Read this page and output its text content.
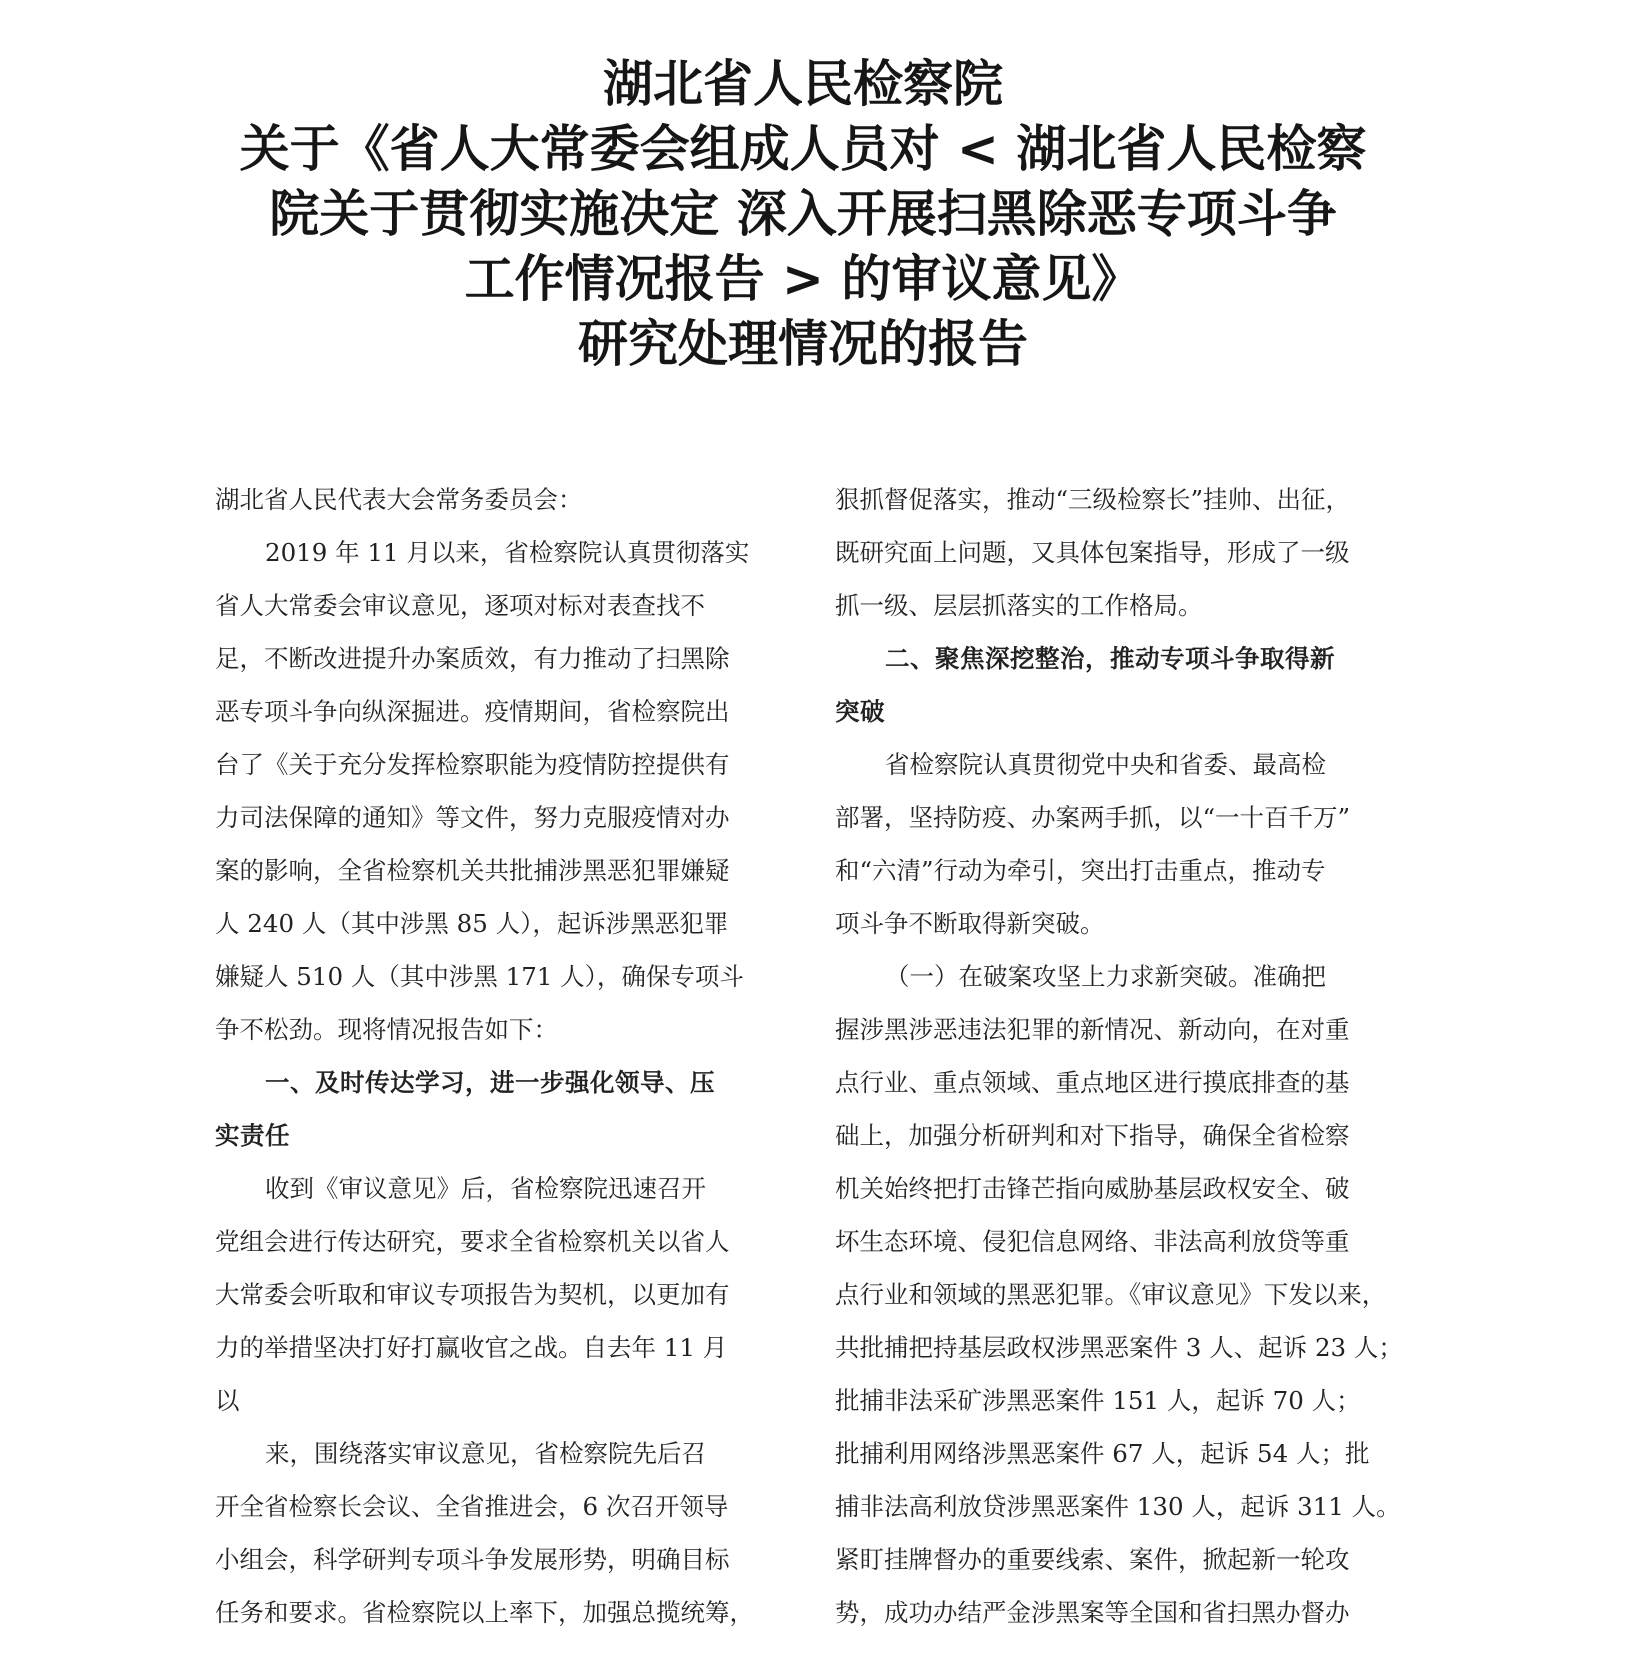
湖北省人民检察院
关于《省人大常委会组成人员对 < 湖北省人民检察
院关于贯彻实施决定 深入开展扫黑除恶专项斗争
工作情况报告 > 的审议意见》
研究处理情况的报告
湖北省人民代表大会常务委员会：
2019 年 11 月以来，省检察院认真贯彻落实
省人大常委会审议意见，逐项对标对表查找不
足，不断改进提升办案质效，有力推动了扫黑除
恶专项斗争向纵深掘进。疫情期间，省检察院出
台了《关于充分发挥检察职能为疫情防控提供有
力司法保障的通知》等文件，努力克服疫情对办
案的影响，全省检察机关共批捕涉黑恶犯罪嫌疑
人 240 人（其中涉黑 85 人），起诉涉黑恶犯罪
嫌疑人 510 人（其中涉黑 171 人），确保专项斗
争不松劲。现将情况报告如下：
一、及时传达学习，进一步强化领导、压
实责任
收到《审议意见》后，省检察院迅速召开
党组会进行传达研究，要求全省检察机关以省人
大常委会听取和审议专项报告为契机，以更加有
力的举措坚决打好打赢收官之战。自去年 11 月
以
来，围绕落实审议意见，省检察院先后召
开全省检察长会议、全省推进会，6 次召开领导
小组会，科学研判专项斗争发展形势，明确目标
任务和要求。省检察院以上率下，加强总揽统筹，
狠抓督促落实，推动“三级检察长”挂帅、出征，
既研究面上问题，又具体包案指导，形成了一级
抓一级、层层抓落实的工作格局。
二、聚焦深挖整治，推动专项斗争取得新
突破
省检察院认真贯彻党中央和省委、最高检
部署，坚持防疫、办案两手抓，以“一十百千万”
和“六清”行动为牵引，突出打击重点，推动专
项斗争不断取得新突破。
（一）在破案攻坚上力求新突破。准确把
握涉黑涉恶违法犯罪的新情况、新动向，在对重
点行业、重点领域、重点地区进行摸底排查的基
础上，加强分析研判和对下指导，确保全省检察
机关始终把打击锋芒指向威胁基层政权安全、破
坏生态环境、侵犯信息网络、非法高利放贷等重
点行业和领域的黑恶犯罪。《审议意见》下发以来，
共批捕把持基层政权涉黑恶案件 3 人、起诉 23 人；
批捕非法采矿涉黑恶案件 151 人，起诉 70 人；
批捕利用网络涉黑恶案件 67 人，起诉 54 人；批
捕非法高利放贷涉黑恶案件 130 人，起诉 311 人。
紧盯挂牌督办的重要线索、案件，掀起新一轮攻
势，成功办结严金涉黑案等全国和省扫黑办督办
